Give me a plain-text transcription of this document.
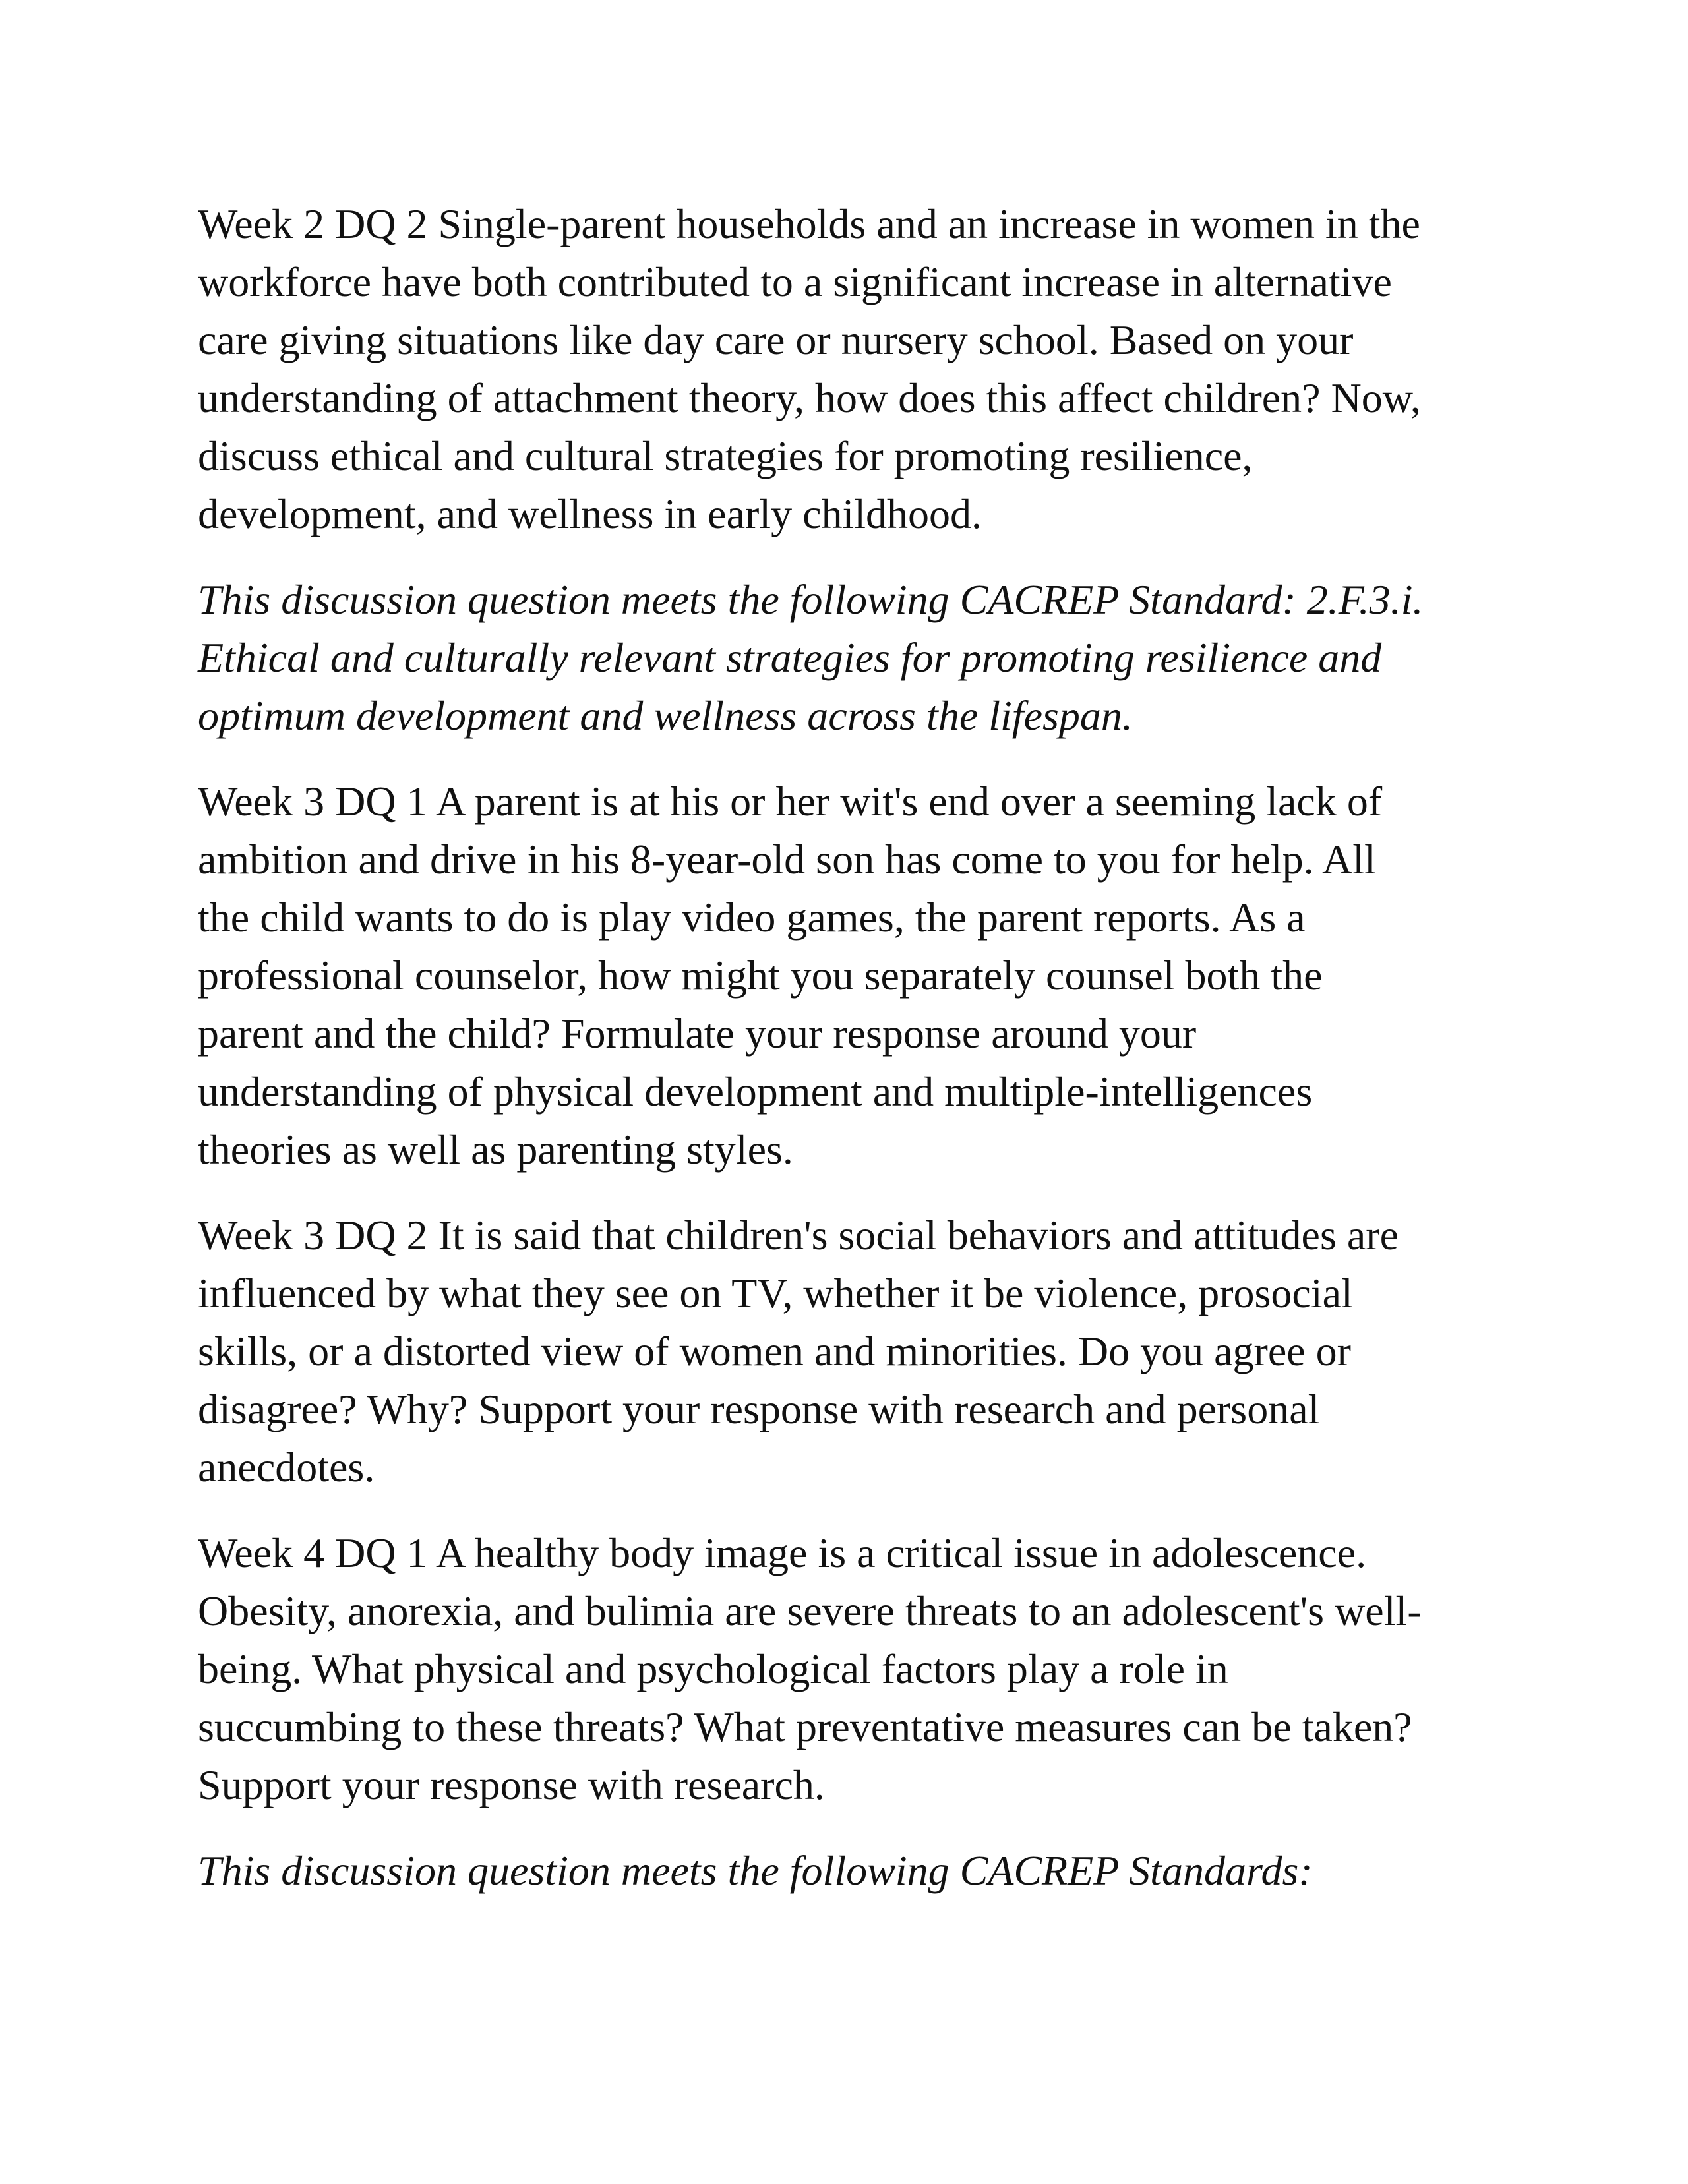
Week 2 DQ 2 Single-parent households and an increase in women in the
workforce have both contributed to a significant increase in alternative
care giving situations like day care or nursery school. Based on your
understanding of attachment theory, how does this affect children? Now,
discuss ethical and cultural strategies for promoting resilience,
development, and wellness in early childhood.

This discussion question meets the following CACREP Standard: 2.F.3.i.
Ethical and culturally relevant strategies for promoting resilience and
optimum development and wellness across the lifespan.

Week 3 DQ 1 A parent is at his or her wit's end over a seeming lack of
ambition and drive in his 8-year-old son has come to you for help. All
the child wants to do is play video games, the parent reports. As a
professional counselor, how might you separately counsel both the
parent and the child? Formulate your response around your
understanding of physical development and multiple-intelligences
theories as well as parenting styles.

Week 3 DQ 2 It is said that children's social behaviors and attitudes are
influenced by what they see on TV, whether it be violence, prosocial
skills, or a distorted view of women and minorities. Do you agree or
disagree? Why? Support your response with research and personal
anecdotes.

Week 4 DQ 1 A healthy body image is a critical issue in adolescence.
Obesity, anorexia, and bulimia are severe threats to an adolescent's well-
being. What physical and psychological factors play a role in
succumbing to these threats? What preventative measures can be taken?
Support your response with research.

This discussion question meets the following CACREP Standards:
